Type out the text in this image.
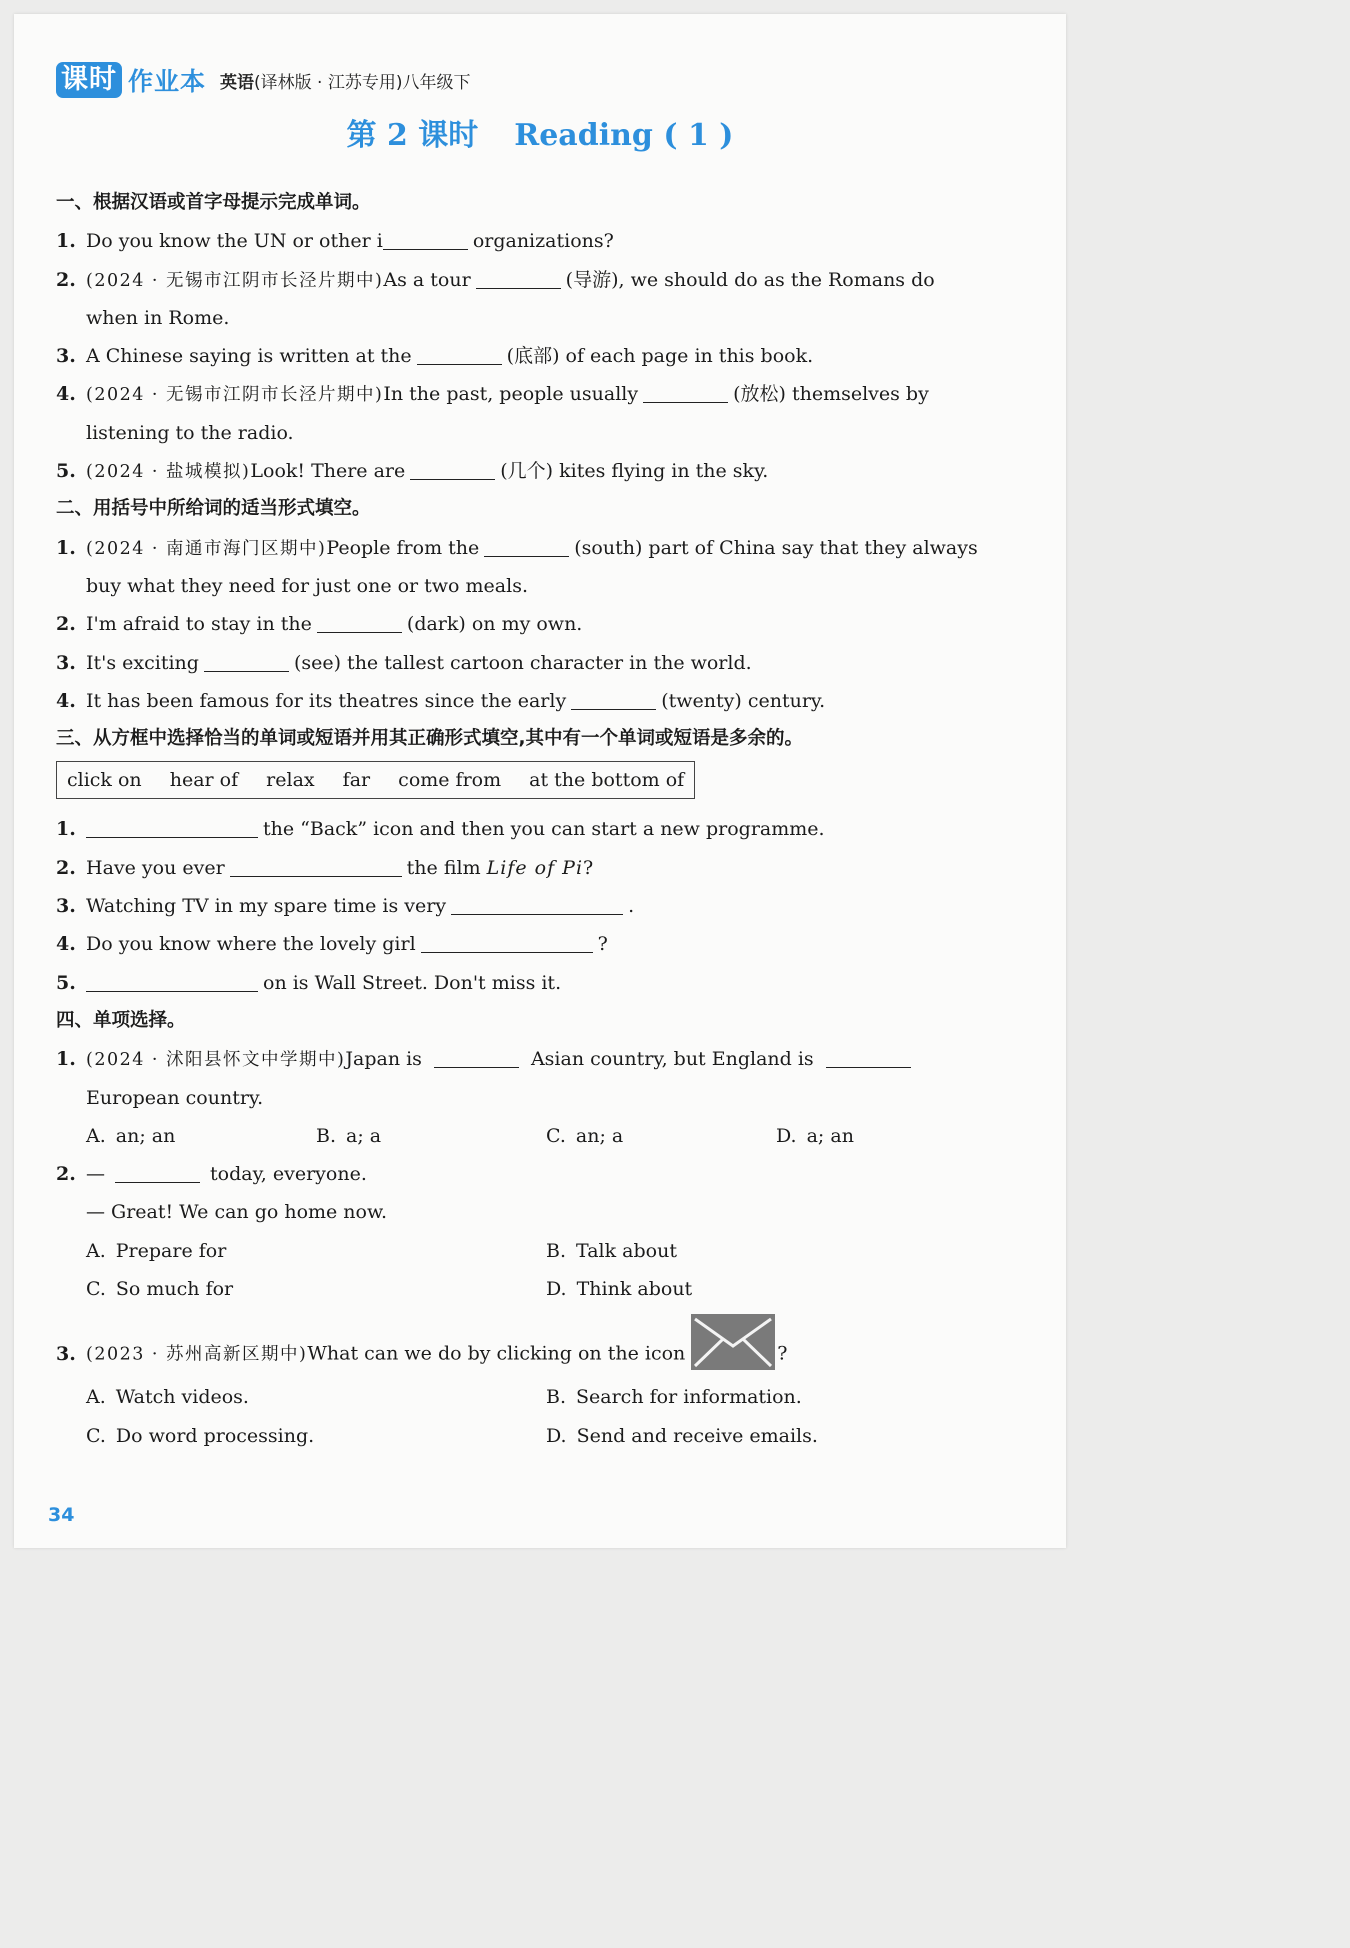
课时 作业本 英语(译林版 · 江苏专用)八年级下
第 2 课时 Reading ( 1 )
一、根据汉语或首字母提示完成单词。
1. Do you know the UN or other i	organizations?
2. (2024 · 无锡市江阴市长泾片期中)As a tour	(导游), we should do as the Romans do
when in Rome.
3. A Chinese saying is written at the	(底部) of each page in this book.
4. (2024 · 无锡市江阴市长泾片期中)In the past, people usually	(放松) themselves by
listening to the radio.
5. (2024 · 盐城模拟)Look! There are	(几个) kites flying in the sky.
二、用括号中所给词的适当形式填空。
1. (2024 · 南通市海门区期中)People from the	(south) part of China say that they always
buy what they need for just one or two meals.
2. I'm afraid to stay in the	(dark) on my own.
3. It's exciting	(see) the tallest cartoon character in the world.
4. It has been famous for its theatres since the early	(twenty) century.
三、从方框中选择恰当的单词或短语并用其正确形式填空,其中有一个单词或短语是多余的。
click on hear of relax far come from at the bottom of
1.	the “Back” icon and then you can start a new programme.
2. Have you ever	the film Life of Pi?
3. Watching TV in my spare time is very	.
4. Do you know where the lovely girl	?
5.	on is Wall Street. Don't miss it.
四、单项选择。
1. (2024 · 沭阳县怀文中学期中)Japan is	Asian country, but England is
European country.
A. an; an	B. a; a	C. an; a	D. a; an
2. —	today, everyone.
— Great! We can go home now.
A. Prepare for	B. Talk about
C. So much for	D. Think about
3. (2023 · 苏州高新区期中)What can we do by clicking on the icon	?
A. Watch videos.	B. Search for information.
C. Do word processing.	D. Send and receive emails.
34
